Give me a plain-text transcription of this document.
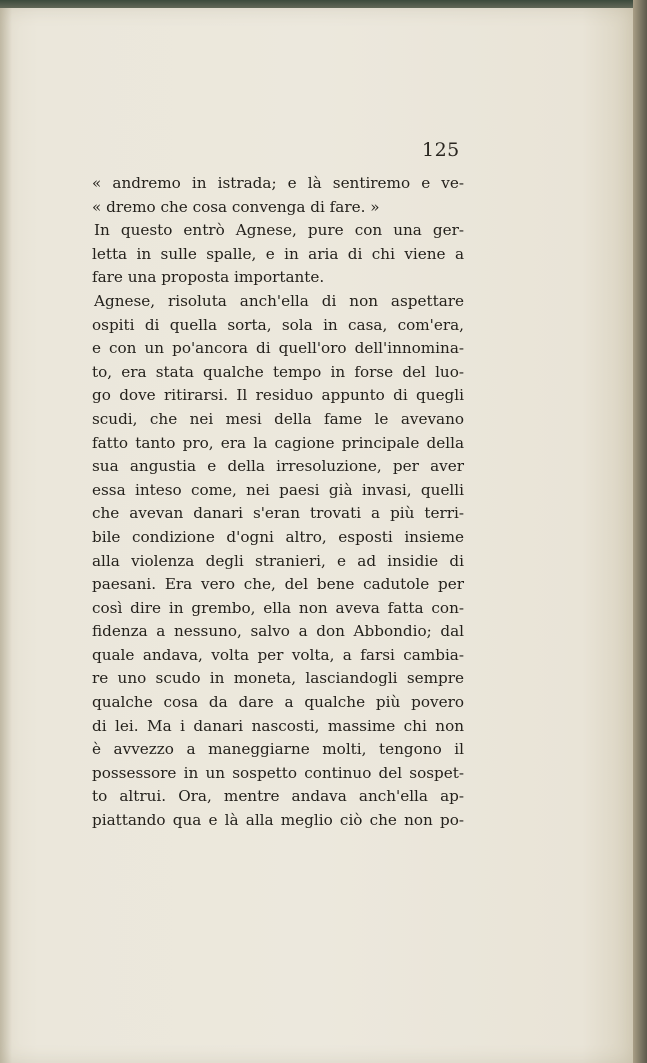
125
« andremo in istrada; e là sentiremo e ve-
« dremo che cosa convenga di fare. »
In questo entrò Agnese, pure con una ger-
letta in sulle spalle, e in aria di chi viene a
fare una proposta importante.
Agnese, risoluta anch'ella di non aspettare
ospiti di quella sorta, sola in casa, com'era,
e con un po'ancora di quell'oro dell'innomina-
to, era stata qualche tempo in forse del luo-
go dove ritirarsi. Il residuo appunto di quegli
scudi, che nei mesi della fame le avevano
fatto tanto pro, era la cagione principale della
sua angustia e della irresoluzione, per aver
essa inteso come, nei paesi già invasi, quelli
che avevan danari s'eran trovati a più terri-
bile condizione d'ogni altro, esposti insieme
alla violenza degli stranieri, e ad insidie di
paesani. Era vero che, del bene cadutole per
così dire in grembo, ella non aveva fatta con-
fidenza a nessuno, salvo a don Abbondio; dal
quale andava, volta per volta, a farsi cambia-
re uno scudo in moneta, lasciandogli sempre
qualche cosa da dare a qualche più povero
di lei. Ma i danari nascosti, massime chi non
è avvezzo a maneggiarne molti, tengono il
possessore in un sospetto continuo del sospet-
to altrui. Ora, mentre andava anch'ella ap-
piattando qua e là alla meglio ciò che non po-
